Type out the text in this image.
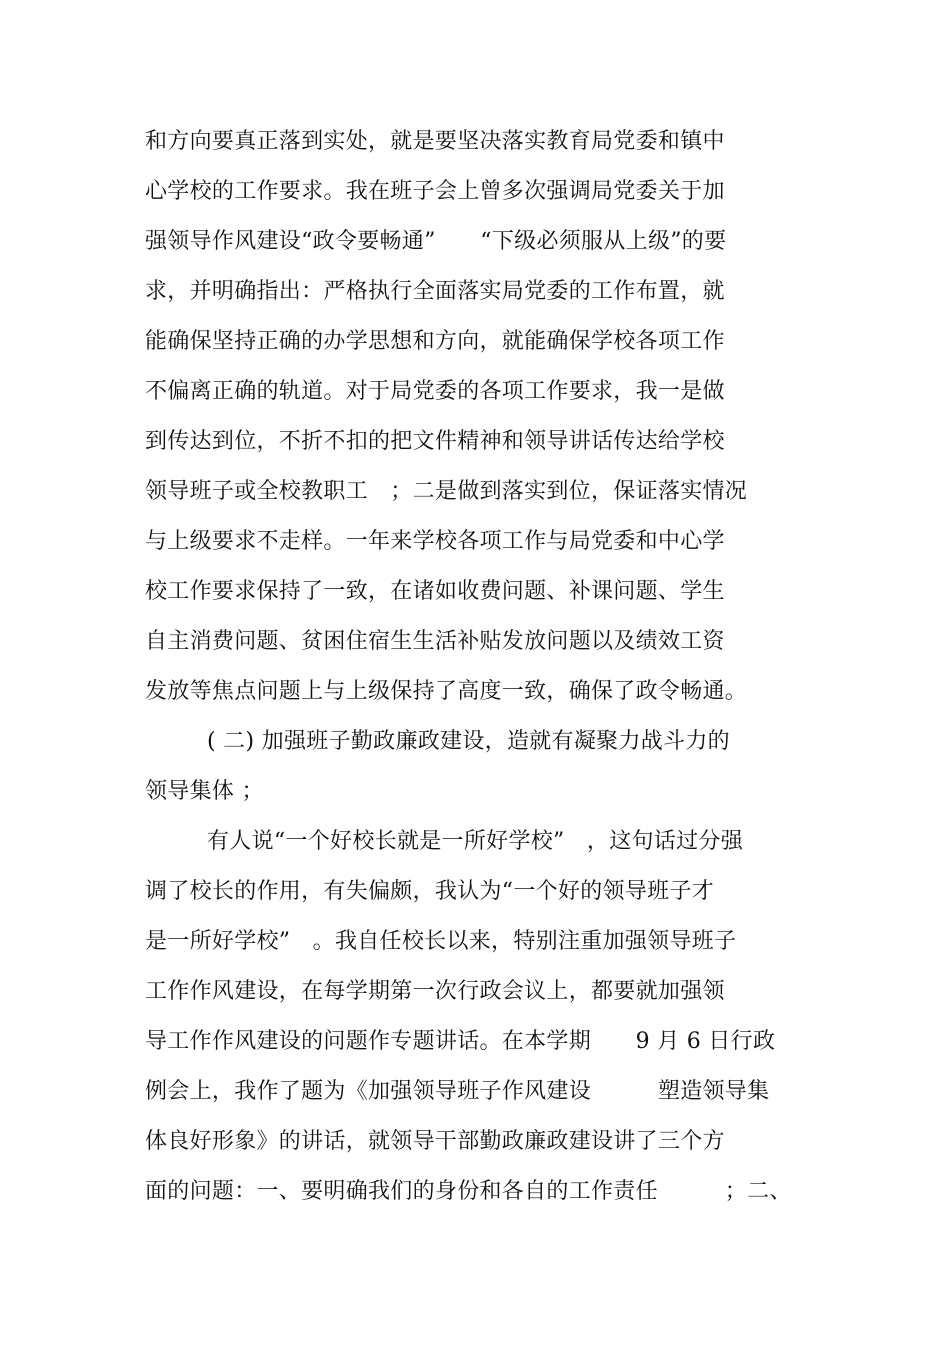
和方向要真正落到实处，就是要坚决落实教育局党委和镇中
心学校的工作要求。我在班子会上曾多次强调局党委关于加
强领导作风建设“政令要畅通”　　“下级必须服从上级”的要
求，并明确指出：严格执行全面落实局党委的工作布置，就
能确保坚持正确的办学思想和方向，就能确保学校各项工作
不偏离正确的轨道。对于局党委的各项工作要求，我一是做
到传达到位，不折不扣的把文件精神和领导讲话传达给学校
领导班子或全校教职工　；二是做到落实到位，保证落实情况
与上级要求不走样。一年来学校各项工作与局党委和中心学
校工作要求保持了一致，在诸如收费问题、补课问题、学生
自主消费问题、贫困住宿生生活补贴发放问题以及绩效工资
发放等焦点问题上与上级保持了高度一致，确保了政令畅通。
( 二) 加强班子勤政廉政建设，造就有凝聚力战斗力的
领导集体 ；
有人说“一个好校长就是一所好学校”　，这句话过分强
调了校长的作用，有失偏颇，我认为“一个好的领导班子才
是一所好学校”　。我自任校长以来，特别注重加强领导班子
工作作风建设，在每学期第一次行政会议上，都要就加强领
导工作作风建设的问题作专题讲话。在本学期　　9 月 6 日行政
例会上，我作了题为《加强领导班子作风建设　　　塑造领导集
体良好形象》的讲话，就领导干部勤政廉政建设讲了三个方
面的问题：一、要明确我们的身份和各自的工作责任　　　；二、
